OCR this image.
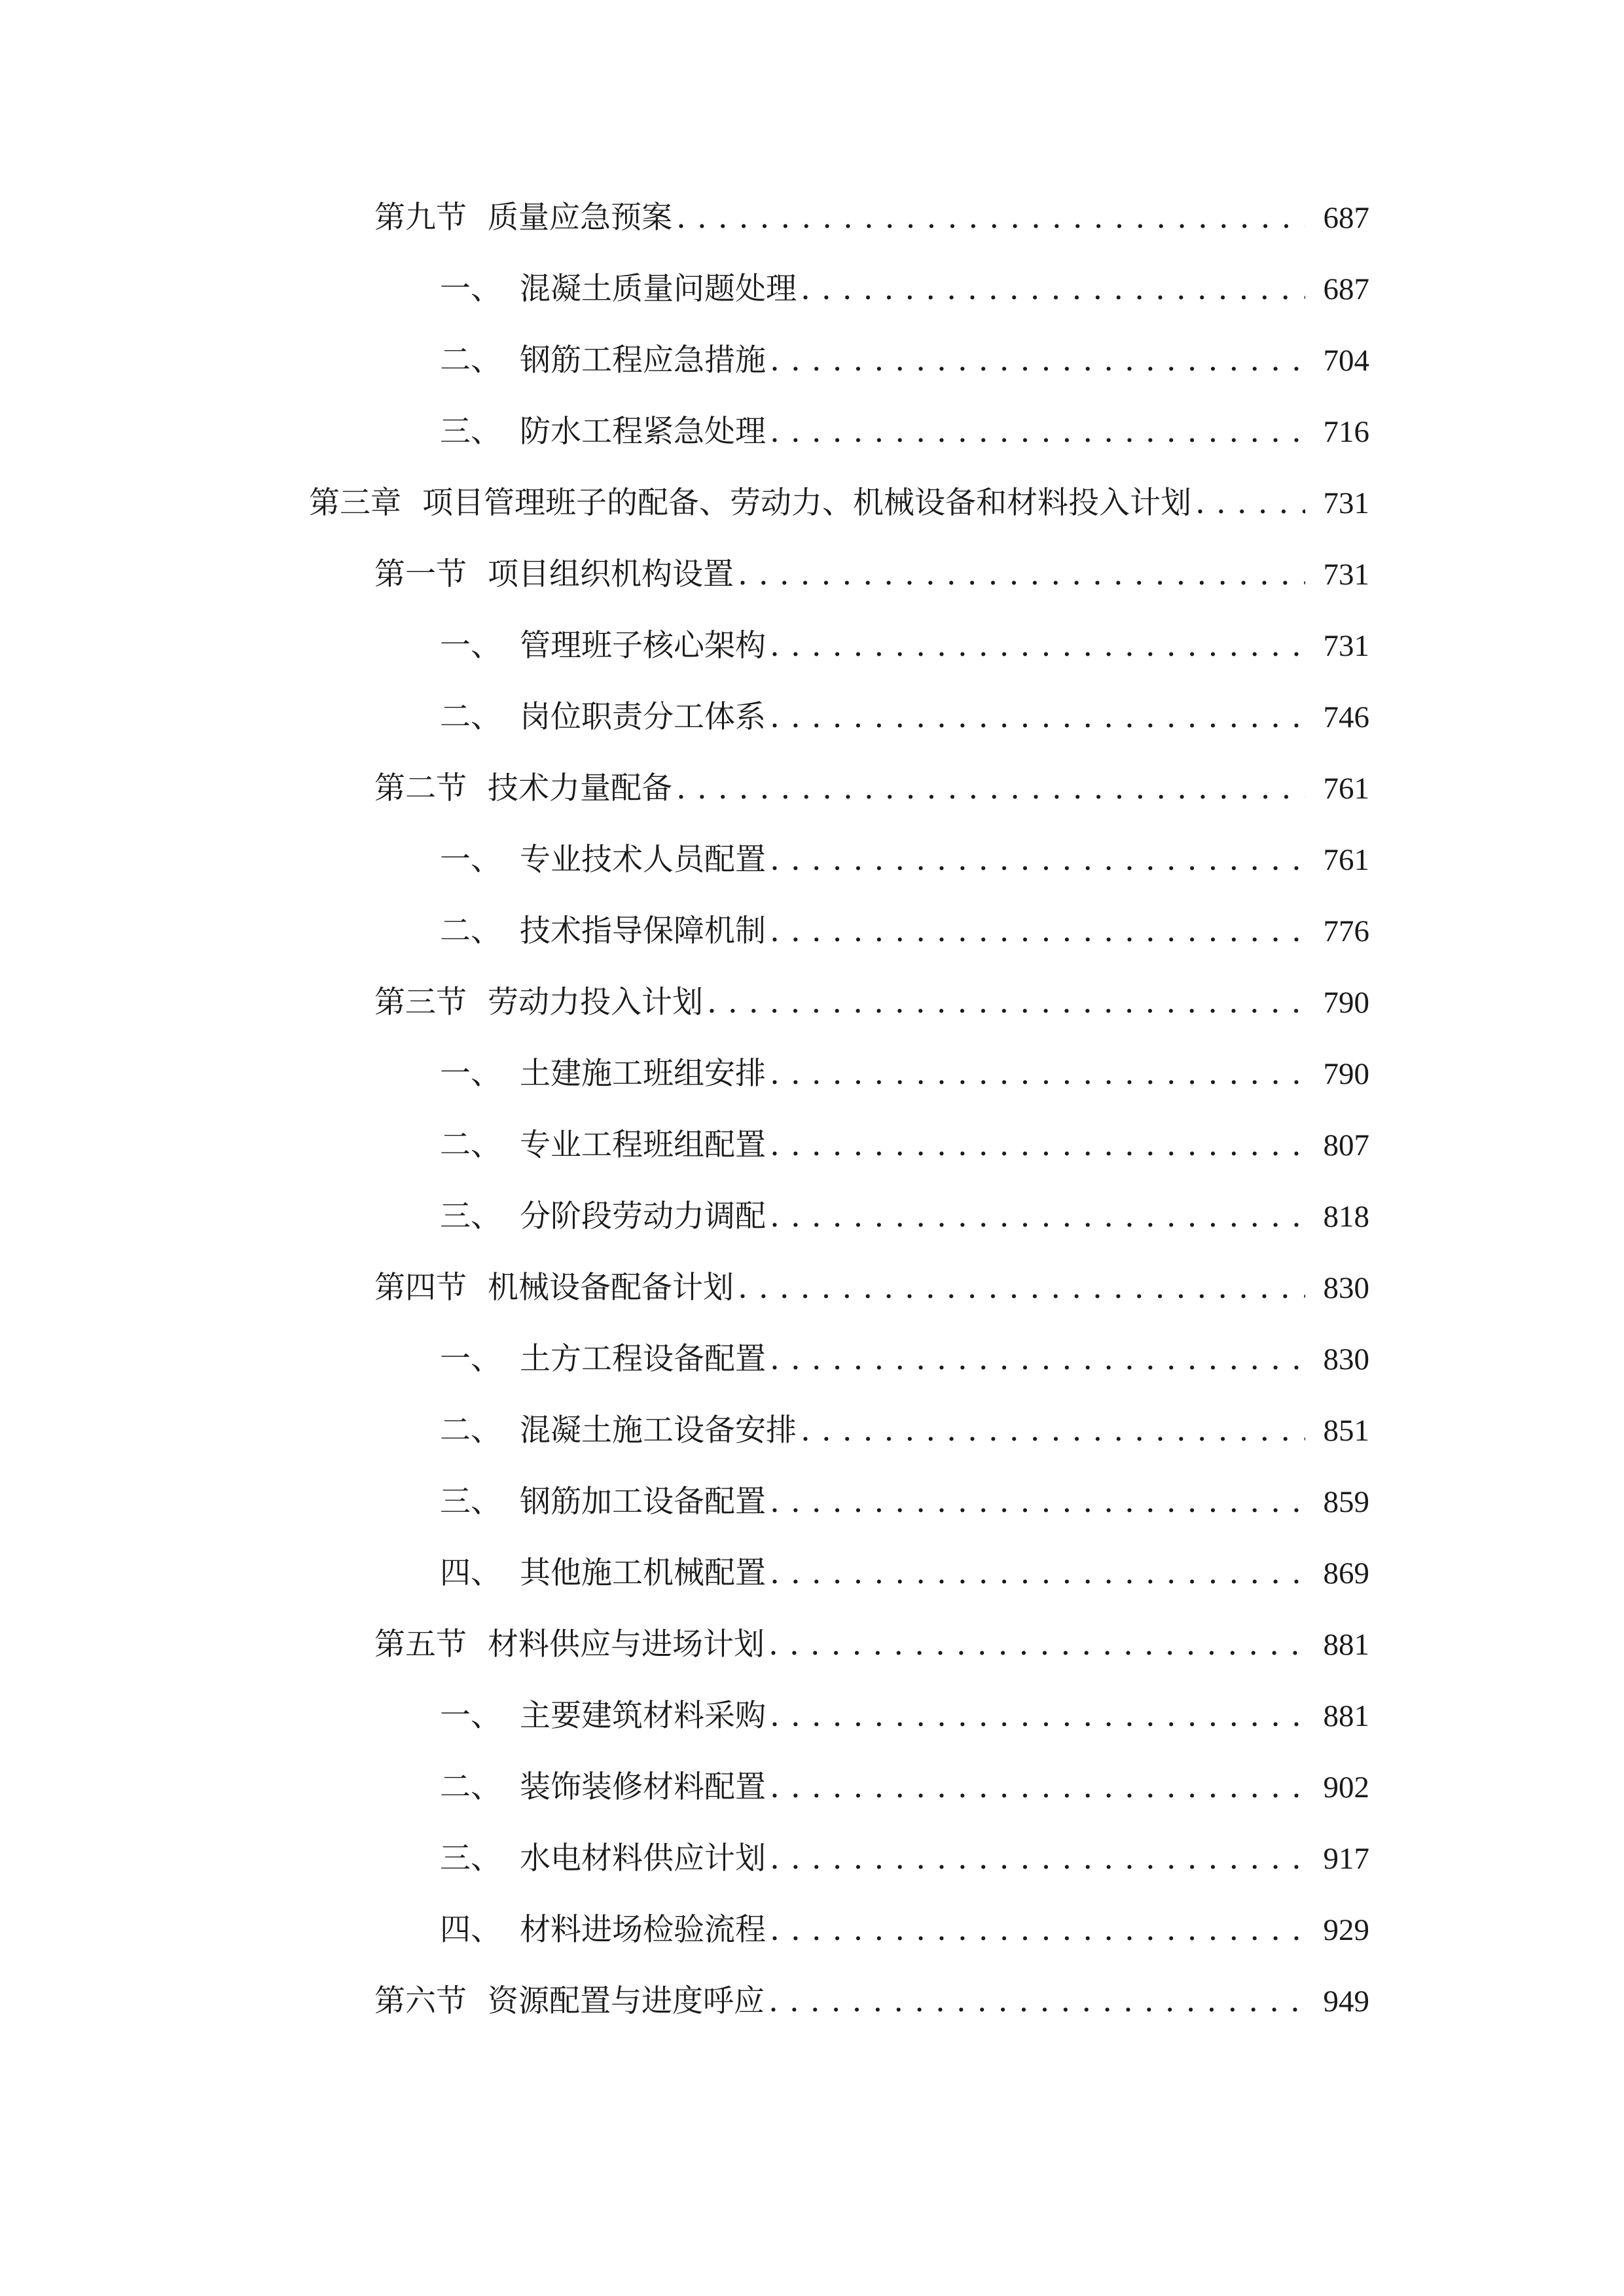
第九节 质量应急预案 . . .	687
一、 混凝土质量问题处理 . . .	687
二、 钢筋工程应急措施 . . .	704
三、 防水工程紧急处理 . . .	716
第三章 项目管理班子的配备、劳动力、机械设备和材料投入计划 . . .	731
第一节 项目组织机构设置 . . .	731
一、 管理班子核心架构 . . .	731
二、 岗位职责分工体系 . . .	746
第二节 技术力量配备 . . .	761
一、 专业技术人员配置 . . .	761
二、 技术指导保障机制 . . .	776
第三节 劳动力投入计划 . . .	790
一、 土建施工班组安排 . . .	790
二、 专业工程班组配置 . . .	807
三、 分阶段劳动力调配 . . .	818
第四节 机械设备配备计划 . . .	830
一、 土方工程设备配置 . . .	830
二、 混凝土施工设备安排 . . .	851
三、 钢筋加工设备配置 . . .	859
四、 其他施工机械配置 . . .	869
第五节 材料供应与进场计划 . . .	881
一、 主要建筑材料采购 . . .	881
二、 装饰装修材料配置 . . .	902
三、 水电材料供应计划 . . .	917
四、 材料进场检验流程 . . .	929
第六节 资源配置与进度呼应 . . .	949
